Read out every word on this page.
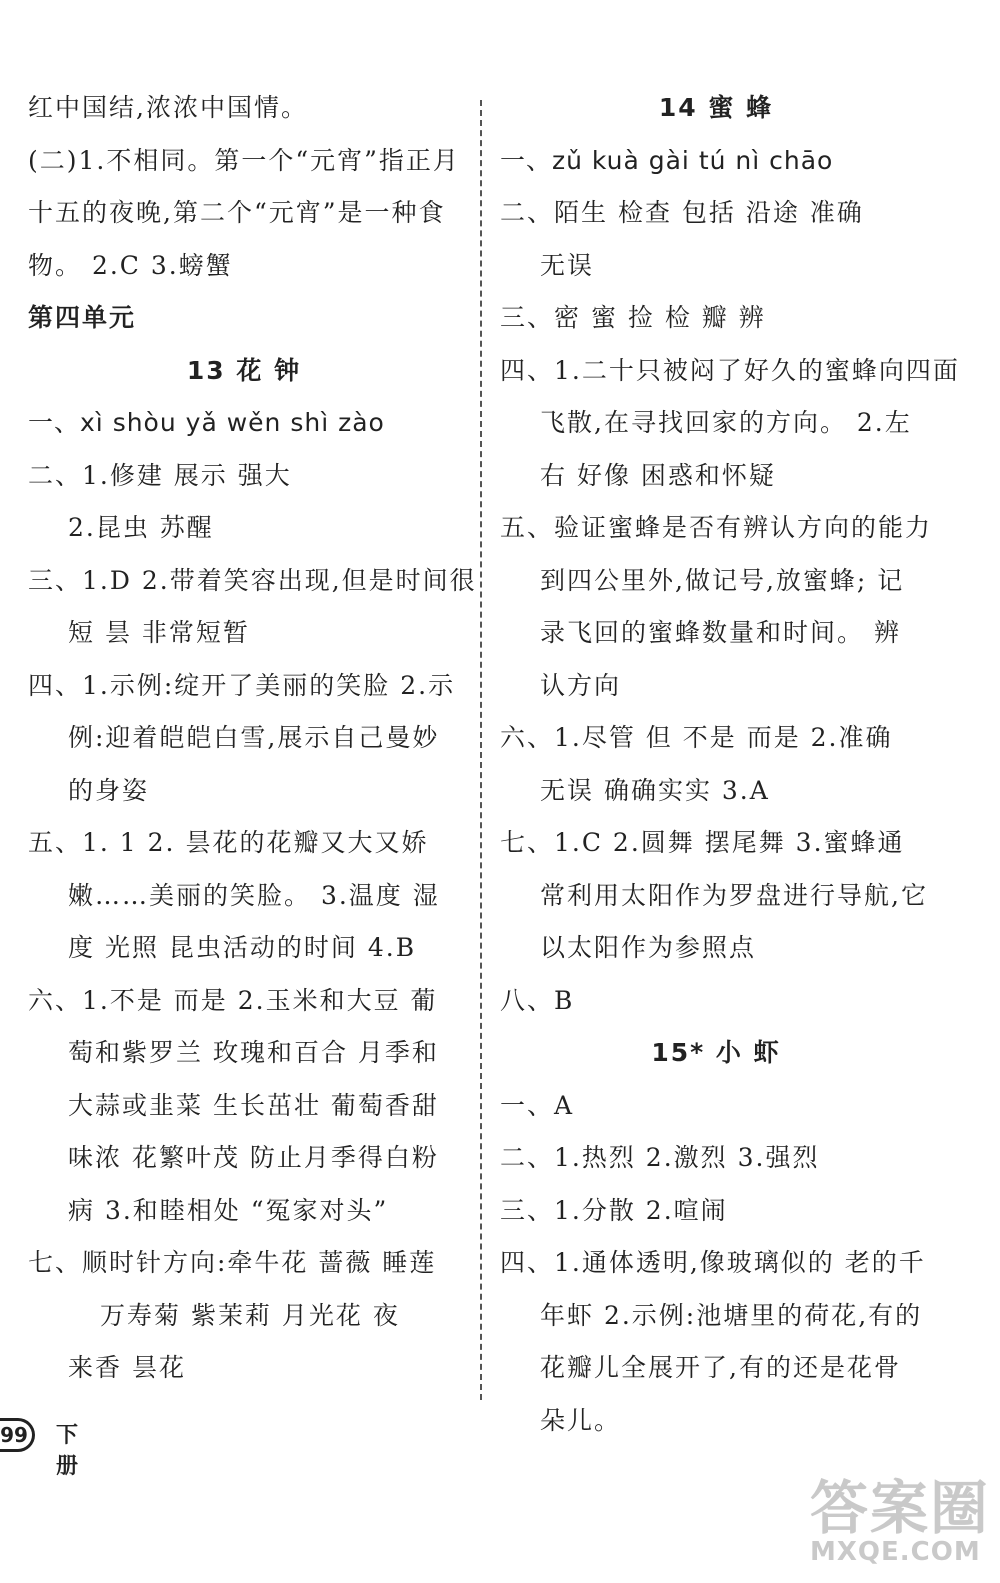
红中国结,浓浓中国情。
(二)1.不相同。第一个“元宵”指正月
十五的夜晚,第二个“元宵”是一种食
物。 2.C 3.螃蟹
第四单元
13 花 钟
一、xì shòu yǎ wěn shì zào
二、1.修建 展示 强大
2.昆虫 苏醒
三、1.D 2.带着笑容出现,但是时间很
短 昙 非常短暂
四、1.示例:绽开了美丽的笑脸 2.示
例:迎着皑皑白雪,展示自己曼妙
的身姿
五、1. 1 2. 昙花的花瓣又大又娇
嫩……美丽的笑脸。 3.温度 湿
度 光照 昆虫活动的时间 4.B
六、1.不是 而是 2.玉米和大豆 葡
萄和紫罗兰 玫瑰和百合 月季和
大蒜或韭菜 生长茁壮 葡萄香甜
味浓 花繁叶茂 防止月季得白粉
病 3.和睦相处 “冤家对头”
七、顺时针方向:牵牛花 蔷薇 睡莲
万寿菊 紫茉莉 月光花 夜
来香 昙花
14 蜜 蜂
一、zǔ kuà gài tú nì chāo
二、陌生 检查 包括 沿途 准确
无误
三、密 蜜 捡 检 瓣 辨
四、1.二十只被闷了好久的蜜蜂向四面
飞散,在寻找回家的方向。 2.左
右 好像 困惑和怀疑
五、验证蜜蜂是否有辨认方向的能力
到四公里外,做记号,放蜜蜂; 记
录飞回的蜜蜂数量和时间。 辨
认方向
六、1.尽管 但 不是 而是 2.准确
无误 确确实实 3.A
七、1.C 2.圆舞 摆尾舞 3.蜜蜂通
常利用太阳作为罗盘进行导航,它
以太阳作为参照点
八、B
15* 小 虾
一、A
二、1.热烈 2.激烈 3.强烈
三、1.分散 2.喧闹
四、1.通体透明,像玻璃似的 老的千
年虾 2.示例:池塘里的荷花,有的
花瓣儿全展开了,有的还是花骨
朵儿。
99	下册
答案圈
MXQE.COM
